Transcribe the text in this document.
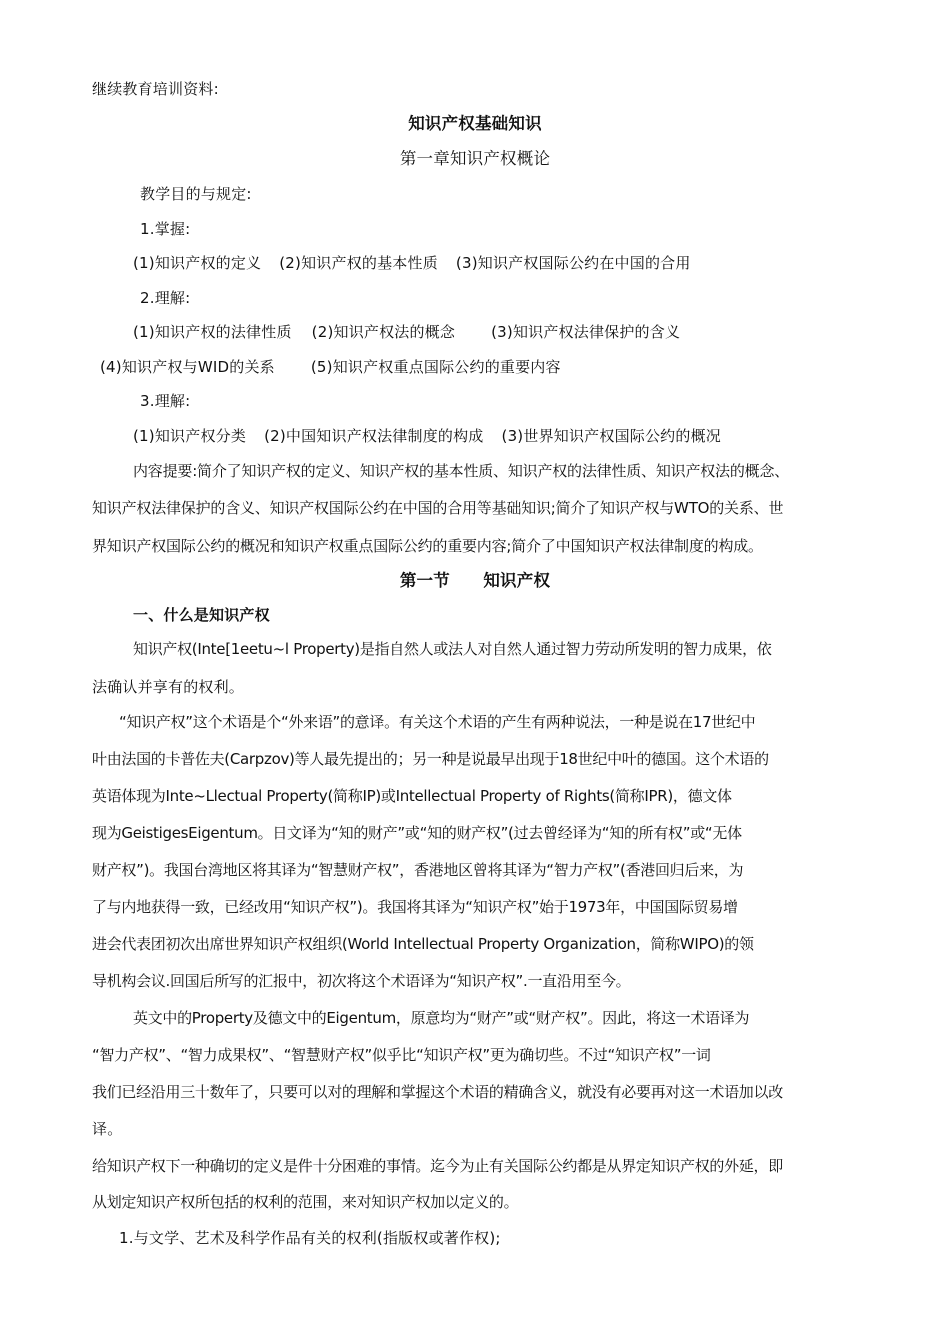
继续教育培训资料:

知识产权基础知识

第一章知识产权概论

教学目的与规定:

1.掌握:

(1)知识产权的定义 (2)知识产权的基本性质 (3)知识产权国际公约在中国的合用

2.理解:

(1)知识产权的法律性质 (2)知识产权法的概念 (3)知识产权法律保护的含义

(4)知识产权与WID的关系 (5)知识产权重点国际公约的重要内容

3.理解:

(1)知识产权分类 (2)中国知识产权法律制度的构成 (3)世界知识产权国际公约的概况

内容提要:简介了知识产权的定义、知识产权的基本性质、知识产权的法律性质、知识产权法的概念、

知识产权法律保护的含义、知识产权国际公约在中国的合用等基础知识;简介了知识产权与WTO的关系、世

界知识产权国际公约的概况和知识产权重点国际公约的重要内容;简介了中国知识产权法律制度的构成。

第一节　　知识产权

一、什么是知识产权

知识产权(Inte[1eetu~l Property)是指自然人或法人对自然人通过智力劳动所发明的智力成果，依

法确认并享有的权利。

“知识产权”这个术语是个“外来语”的意译。有关这个术语的产生有两种说法，一种是说在17世纪中

叶由法国的卡普佐夫(Carpzov)等人最先提出的；另一种是说最早出现于18世纪中叶的德国。这个术语的

英语体现为Inte~Llectual Property(简称IP)或Intellectual Property of Rights(简称IPR)，德文体

现为GeistigesEigentum。日文译为“知的财产”或“知的财产权”(过去曾经译为“知的所有权”或“无体

财产权”)。我国台湾地区将其译为“智慧财产权”，香港地区曾将其译为“智力产权”(香港回归后来，为

了与内地获得一致，已经改用“知识产权”)。我国将其译为“知识产权”始于1973年，中国国际贸易增

进会代表团初次出席世界知识产权组织(World Intellectual Property Organization，简称WIPO)的领

导机构会议.回国后所写的汇报中，初次将这个术语译为“知识产权”.一直沿用至今。

英文中的Property及德文中的Eigentum，原意均为“财产”或“财产权”。因此，将这一术语译为

“智力产权”、“智力成果权”、“智慧财产权”似乎比“知识产权”更为确切些。不过“知识产权”一词

我们已经沿用三十数年了，只要可以对的理解和掌握这个术语的精确含义，就没有必要再对这一术语加以改

译。

给知识产权下一种确切的定义是件十分困难的事情。迄今为止有关国际公约都是从界定知识产权的外延，即

从划定知识产权所包括的权利的范围，来对知识产权加以定义的。

1.与文学、艺术及科学作品有关的权利(指版权或著作权);
